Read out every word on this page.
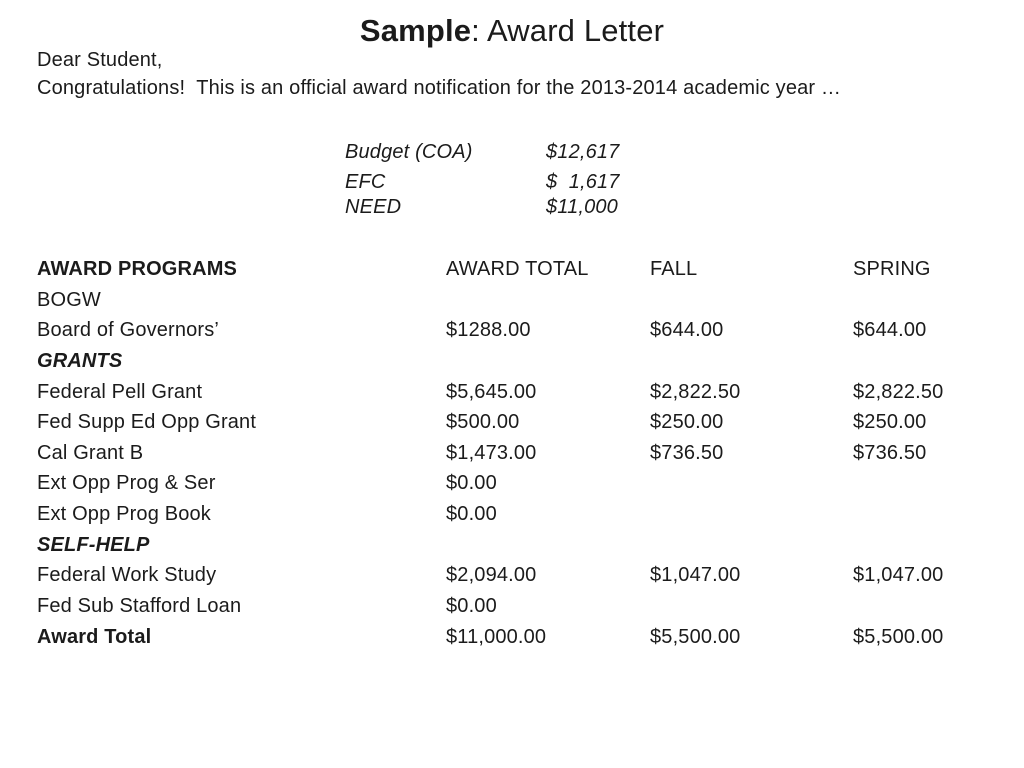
Sample: Award Letter

Dear Student,

Congratulations!  This is an official award notification for the 2013-2014 academic year …

Budget (COA)	$12,617
EFC	$  1,617
NEED	$11,000
AWARD PROGRAMS	AWARD TOTAL	FALL	SPRING
BOGW
Board of Governors’	$1288.00	$644.00	$644.00
GRANTS
Federal Pell Grant	$5,645.00	$2,822.50	$2,822.50
Fed Supp Ed Opp Grant	$500.00	$250.00	$250.00
Cal Grant B	$1,473.00	$736.50	$736.50
Ext Opp Prog & Ser	$0.00
Ext Opp Prog Book	$0.00
SELF-HELP
Federal Work Study	$2,094.00	$1,047.00	$1,047.00
Fed Sub Stafford Loan	$0.00
Award Total	$11,000.00	$5,500.00	$5,500.00
